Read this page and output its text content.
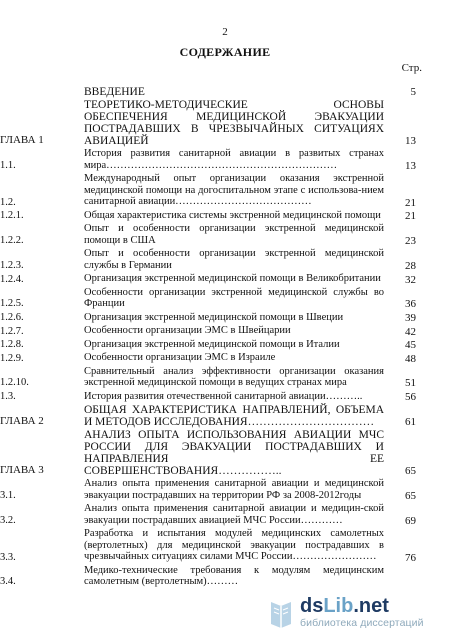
2
СОДЕРЖАНИЕ
Стр.
ВВЕДЕНИЕ	5
ГЛАВА 1
ТЕОРЕТИКО-МЕТОДИЧЕСКИЕ ОСНОВЫ ОБЕСПЕЧЕНИЯ МЕДИЦИНСКОЙ ЭВАКУАЦИИ ПОСТРАДАВШИХ В ЧРЕЗВЫЧАЙНЫХ СИТУАЦИЯХ АВИАЦИЕЙ	13
1.1.
История развития санитарной авиации в развитых странах мира…………………………………………………………	13
1.2.
Международный опыт организации оказания экстренной медицинской помощи на догоспитальном этапе с использова-нием санитарной авиации…………………………………	21
1.2.1.	Общая характеристика системы экстренной медицинской помощи 21
1.2.2.
Опыт и особенности организации экстренной медицинской помощи в США	23
1.2.3.
Опыт и особенности организации экстренной медицинской службы в Германии	28
1.2.4.	Организация экстренной медицинской помощи в Великобритании 32
1.2.5.
Особенности организации экстренной медицинской службы во Франции	36
1.2.6.	Организация экстренной медицинской помощи в Швеции	39
1.2.7.	Особенности организации ЭМС в Швейцарии	42
1.2.8.	Организация экстренной медицинской помощи в Италии	45
1.2.9.	Особенности организации ЭМС в Израиле	48
1.2.10.
Сравнительный анализ эффективности организации оказания экстренной медицинской помощи в ведущих странах мира	51
1.3.	История развития отечественной санитарной авиации………..	56
ГЛАВА 2
ОБЩАЯ ХАРАКТЕРИСТИКА НАПРАВЛЕНИЙ, ОБЪЕМА И МЕТОДОВ ИССЛЕДОВАНИЯ……………………………	61
ГЛАВА 3
АНАЛИЗ ОПЫТА ИСПОЛЬЗОВАНИЯ АВИАЦИИ МЧС РОССИИ ДЛЯ ЭВАКУАЦИИ ПОСТРАДАВШИХ И НАПРАВЛЕНИЯ ЕЕ СОВЕРШЕНСТВОВАНИЯ……………..	65
3.1.
Анализ опыта применения санитарной авиации и медицинской эвакуации пострадавших на территории РФ за 2008-2012годы	65
3.2.
Анализ опыта применения санитарной авиации и медицин-ской эвакуации пострадавших авиацией МЧС России…………	69
3.3.
Разработка и испытания модулей медицинских самолетных (вертолетных) для медицинской эвакуации пострадавших в чрезвычайных ситуациях силами МЧС России……………………	76
3.4.
Медико-технические требования к модулям медицинским самолетным (вертолетным)………
dsLib.net
библиотека диссертаций
